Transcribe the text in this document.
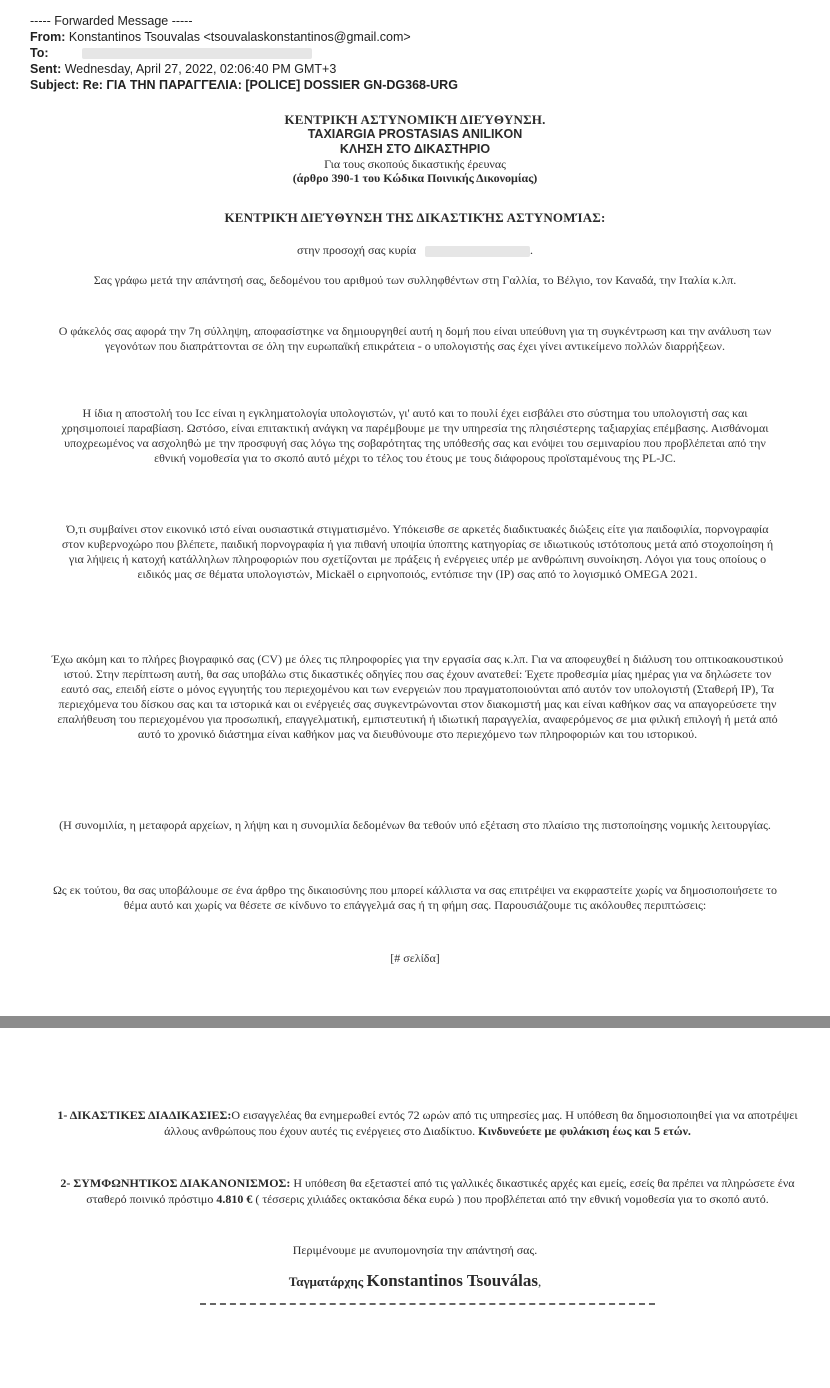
----- Forwarded Message -----
From: Konstantinos Tsouvalas <tsouvalaskonstantinos@gmail.com>
To:
Sent: Wednesday, April 27, 2022, 02:06:40 PM GMT+3
Subject: Re: ΓΙΑ ΤΗΝ ΠΑΡΑΓΓΕΛΙΑ: [POLICE] DOSSIER GN-DG368-URG
ΚΕΝΤΡΙΚΉ ΑΣΤΥΝΟΜΙΚΉ ΔΙΕΎΘΥΝΣΗ.
TAXIARGIA PROSTASIAS ANILIKON
ΚΛΗΣΗ ΣΤΟ ΔΙΚΑΣΤΗΡΙΟ
Για τους σκοπούς δικαστικής έρευνας
(άρθρο 390-1 του Κώδικα Ποινικής Δικονομίας)
ΚΕΝΤΡΙΚΉ ΔΙΕΎΘΥΝΣΗ ΤΗΣ ΔΙΚΑΣΤΙΚΉΣ ΑΣΤΥΝΟΜΊΑΣ:
στην προσοχή σας κυρία	.
Σας γράφω μετά την απάντησή σας, δεδομένου του αριθμού των συλληφθέντων στη Γαλλία, το Βέλγιο, τον Καναδά, την Ιταλία κ.λπ.
Ο φάκελός σας αφορά την 7η σύλληψη, αποφασίστηκε να δημιουργηθεί αυτή η δομή που είναι υπεύθυνη για τη συγκέντρωση και την ανάλυση των γεγονότων που διαπράττονται σε όλη την ευρωπαϊκή επικράτεια - ο υπολογιστής σας έχει γίνει αντικείμενο πολλών διαρρήξεων.
Η ίδια η αποστολή του Icc είναι η εγκληματολογία υπολογιστών, γι' αυτό και το πουλί έχει εισβάλει στο σύστημα του υπολογιστή σας και χρησιμοποιεί παραβίαση. Ωστόσο, είναι επιτακτική ανάγκη να παρέμβουμε με την υπηρεσία της πλησιέστερης ταξιαρχίας επέμβασης. Αισθάνομαι υποχρεωμένος να ασχοληθώ με την προσφυγή σας λόγω της σοβαρότητας της υπόθεσής σας και ενόψει του σεμιναρίου που προβλέπεται από την εθνική νομοθεσία για το σκοπό αυτό μέχρι το τέλος του έτους με τους διάφορους προϊσταμένους της PL-JC.
Ό,τι συμβαίνει στον εικονικό ιστό είναι ουσιαστικά στιγματισμένο. Υπόκεισθε σε αρκετές διαδικτυακές διώξεις είτε για παιδοφιλία, πορνογραφία στον κυβερνοχώρο που βλέπετε, παιδική πορνογραφία ή για πιθανή υποψία ύποπτης κατηγορίας σε ιδιωτικούς ιστότοπους μετά από στοχοποίηση ή για λήψεις ή κατοχή κατάλληλων πληροφοριών που σχετίζονται με πράξεις ή ενέργειες υπέρ με ανθρώπινη συνοίκηση. Λόγοι για τους οποίους ο ειδικός μας σε θέματα υπολογιστών, Mickaël ο ειρηνοποιός, εντόπισε την (IP) σας από το λογισμικό OMEGA 2021.
Έχω ακόμη και το πλήρες βιογραφικό σας (CV) με όλες τις πληροφορίες για την εργασία σας κ.λπ. Για να αποφευχθεί η διάλυση του οπτικοακουστικού ιστού. Στην περίπτωση αυτή, θα σας υποβάλω στις δικαστικές οδηγίες που σας έχουν ανατεθεί: Έχετε προθεσμία μίας ημέρας για να δηλώσετε τον εαυτό σας, επειδή είστε ο μόνος εγγυητής του περιεχομένου και των ενεργειών που πραγματοποιούνται από αυτόν τον υπολογιστή (Σταθερή IP), Τα περιεχόμενα του δίσκου σας και τα ιστορικά και οι ενέργειές σας συγκεντρώνονται στον διακομιστή μας και είναι καθήκον σας να απαγορεύσετε την επαλήθευση του περιεχομένου για προσωπική, επαγγελματική, εμπιστευτική ή ιδιωτική παραγγελία, αναφερόμενος σε μια φιλική επιλογή ή μετά από αυτό το χρονικό διάστημα είναι καθήκον μας να διευθύνουμε στο περιεχόμενο των πληροφοριών και του ιστορικού.
(Η συνομιλία, η μεταφορά αρχείων, η λήψη και η συνομιλία δεδομένων θα τεθούν υπό εξέταση στο πλαίσιο της πιστοποίησης νομικής λειτουργίας.
Ως εκ τούτου, θα σας υποβάλουμε σε ένα άρθρο της δικαιοσύνης που μπορεί κάλλιστα να σας επιτρέψει να εκφραστείτε χωρίς να δημοσιοποιήσετε το θέμα αυτό και χωρίς να θέσετε σε κίνδυνο το επάγγελμά σας ή τη φήμη σας. Παρουσιάζουμε τις ακόλουθες περιπτώσεις:
[# σελίδα]
1- ΔΙΚΑΣΤΙΚΕΣ ΔΙΑΔΙΚΑΣΙΕΣ:Ο εισαγγελέας θα ενημερωθεί εντός 72 ωρών από τις υπηρεσίες μας. Η υπόθεση θα δημοσιοποιηθεί για να αποτρέψει άλλους ανθρώπους που έχουν αυτές τις ενέργειες στο Διαδίκτυο. Κινδυνεύετε με φυλάκιση έως και 5 ετών.
2- ΣΥΜΦΩΝΗΤΙΚΟΣ ΔΙΑΚΑΝΟΝΙΣΜΟΣ: Η υπόθεση θα εξεταστεί από τις γαλλικές δικαστικές αρχές και εμείς, εσείς θα πρέπει να πληρώσετε ένα σταθερό ποινικό πρόστιμο 4.810 € ( τέσσερις χιλιάδες οκτακόσια δέκα ευρώ ) που προβλέπεται από την εθνική νομοθεσία για το σκοπό αυτό.
Περιμένουμε με ανυπομονησία την απάντησή σας.
Ταγματάρχης Konstantinos Tsouválas,
